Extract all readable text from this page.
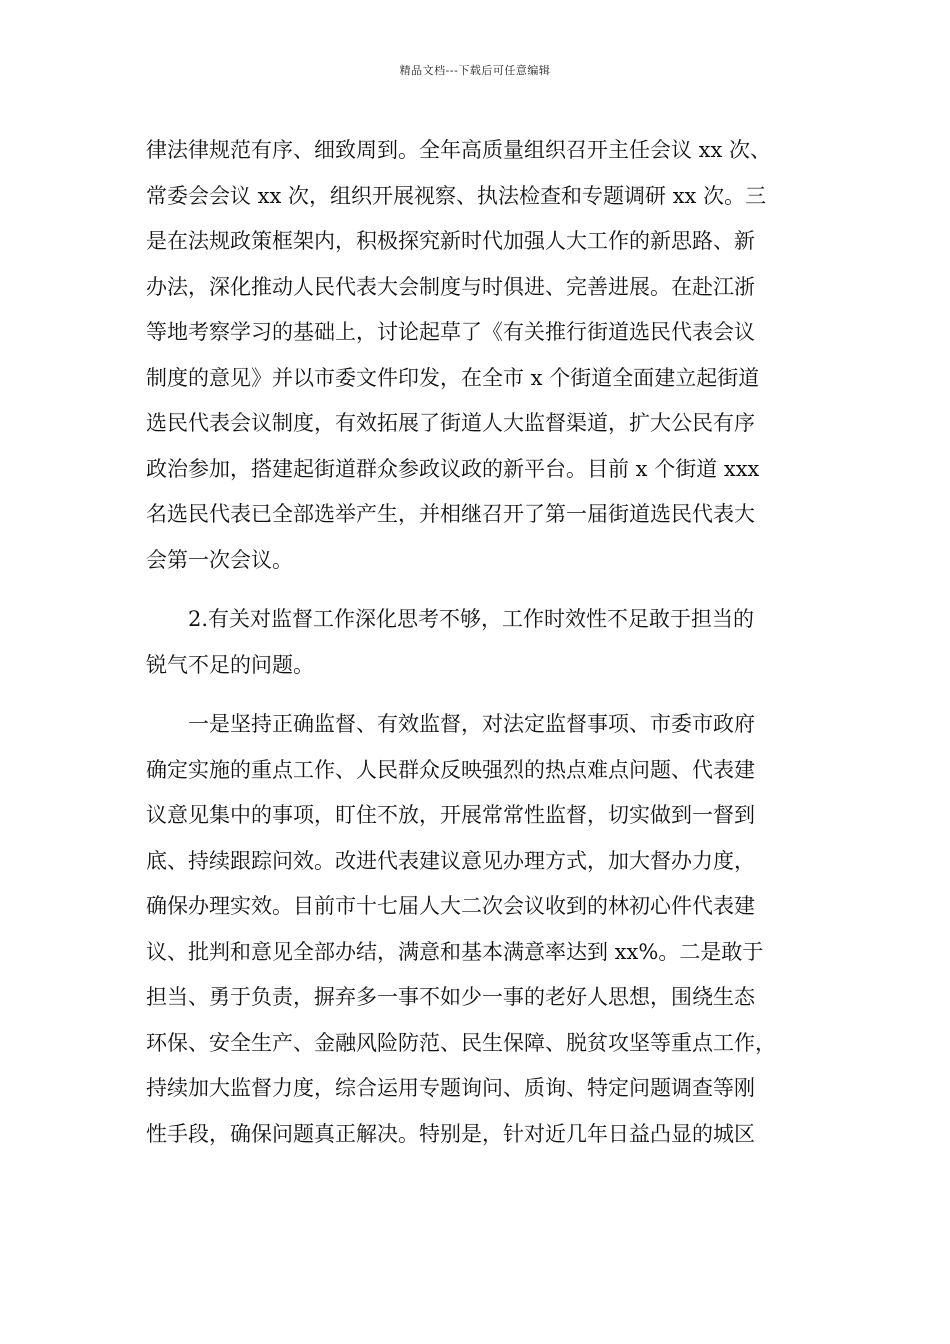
精品文档---下载后可任意编辑
律法律规范有序、细致周到。全年高质量组织召开主任会议 xx 次、
常委会会议 xx 次，组织开展视察、执法检查和专题调研 xx 次。三
是在法规政策框架内，积极探究新时代加强人大工作的新思路、新
办法，深化推动人民代表大会制度与时俱进、完善进展。在赴江浙
等地考察学习的基础上，讨论起草了《有关推行街道选民代表会议
制度的意见》并以市委文件印发，在全市 x 个街道全面建立起街道
选民代表会议制度，有效拓展了街道人大监督渠道，扩大公民有序
政治参加，搭建起街道群众参政议政的新平台。目前 x 个街道 xxx
名选民代表已全部选举产生，并相继召开了第一届街道选民代表大
会第一次会议。
2.有关对监督工作深化思考不够，工作时效性不足敢于担当的
锐气不足的问题。
一是坚持正确监督、有效监督，对法定监督事项、市委市政府
确定实施的重点工作、人民群众反映强烈的热点难点问题、代表建
议意见集中的事项，盯住不放，开展常常性监督，切实做到一督到
底、持续跟踪问效。改进代表建议意见办理方式，加大督办力度，
确保办理实效。目前市十七届人大二次会议收到的林初心件代表建
议、批判和意见全部办结，满意和基本满意率达到 xx%。二是敢于
担当、勇于负责，摒弃多一事不如少一事的老好人思想，围绕生态
环保、安全生产、金融风险防范、民生保障、脱贫攻坚等重点工作，
持续加大监督力度，综合运用专题询问、质询、特定问题调查等刚
性手段，确保问题真正解决。特别是，针对近几年日益凸显的城区
